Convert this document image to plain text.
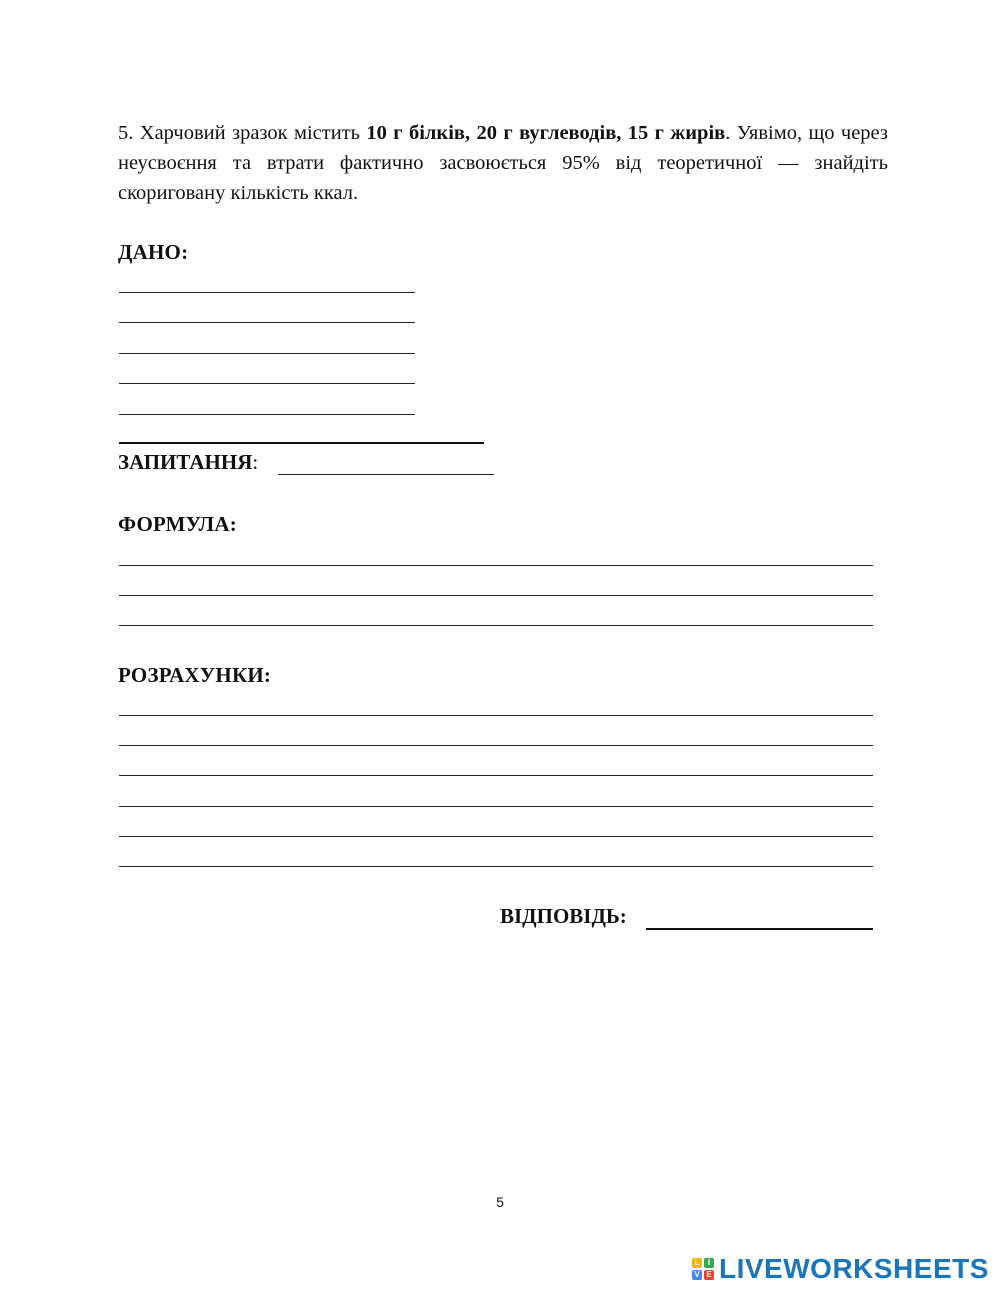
5. Харчовий зразок містить 10 г білків, 20 г вуглеводів, 15 г жирів. Уявімо, що через неусвоєння та втрати фактично засвоюється 95% від теоретичної — знайдіть скориговану кількість ккал.
ДАНО:
ЗАПИТАННЯ:
ФОРМУЛА:
РОЗРАХУНКИ:
ВІДПОВІДЬ:
5
L	I
V E LIVEWORKSHEETS
